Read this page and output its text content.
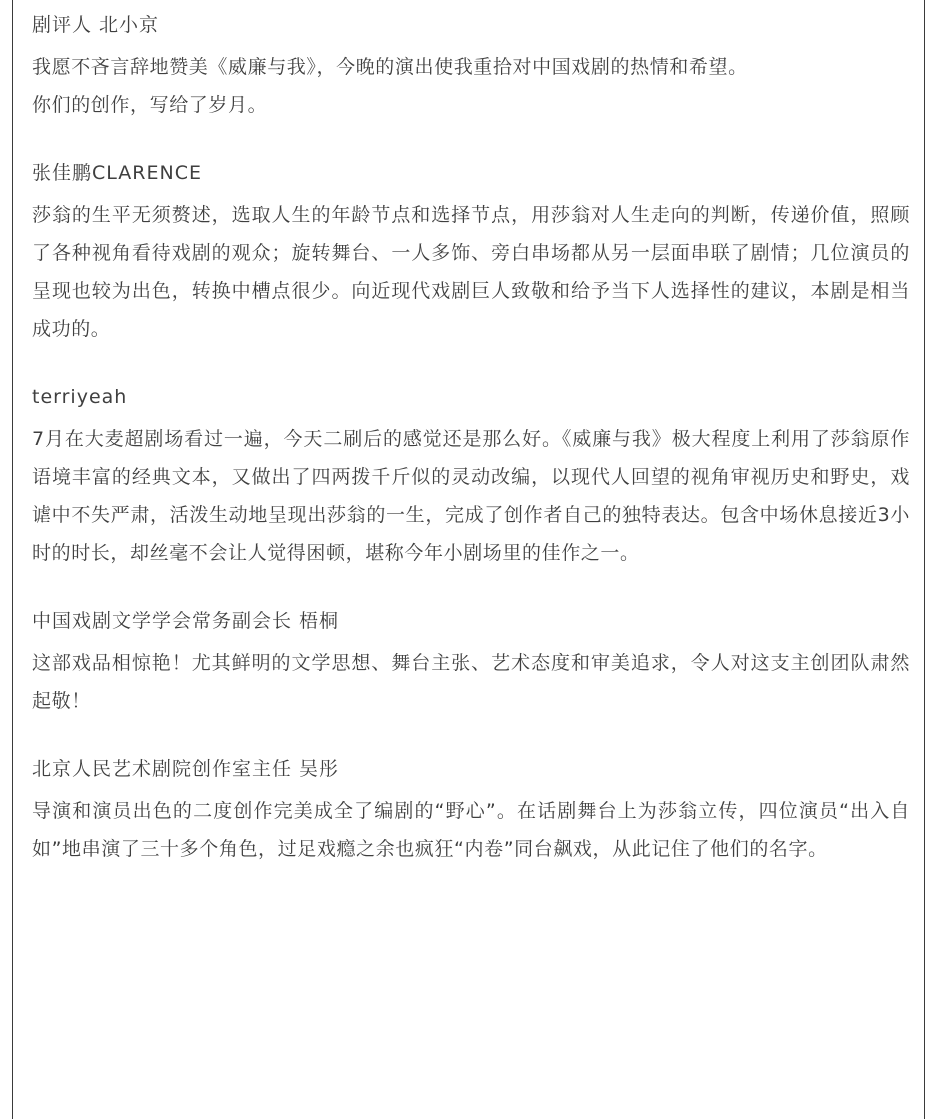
剧评人 北小京

我愿不吝言辞地赞美《威廉与我》，今晚的演出使我重拾对中国戏剧的热情和希望。

你们的创作，写给了岁月。

张佳鹏CLARENCE

莎翁的生平无须赘述，选取人生的年龄节点和选择节点，用莎翁对人生走向的判断，传递价值，照顾了各种视角看待戏剧的观众；旋转舞台、一人多饰、旁白串场都从另一层面串联了剧情；几位演员的呈现也较为出色，转换中槽点很少。向近现代戏剧巨人致敬和给予当下人选择性的建议，本剧是相当成功的。

terriyeah

7月在大麦超剧场看过一遍，今天二刷后的感觉还是那么好。《威廉与我》极大程度上利用了莎翁原作语境丰富的经典文本，又做出了四两拨千斤似的灵动改编，以现代人回望的视角审视历史和野史，戏谑中不失严肃，活泼生动地呈现出莎翁的一生，完成了创作者自己的独特表达。包含中场休息接近3小时的时长，却丝毫不会让人觉得困顿，堪称今年小剧场里的佳作之一。

中国戏剧文学学会常务副会长 梧桐

这部戏品相惊艳！尤其鲜明的文学思想、舞台主张、艺术态度和审美追求，令人对这支主创团队肃然起敬！

北京人民艺术剧院创作室主任 吴彤

导演和演员出色的二度创作完美成全了编剧的“野心”。在话剧舞台上为莎翁立传，四位演员“出入自如”地串演了三十多个角色，过足戏瘾之余也疯狂“内卷”同台飙戏，从此记住了他们的名字。
